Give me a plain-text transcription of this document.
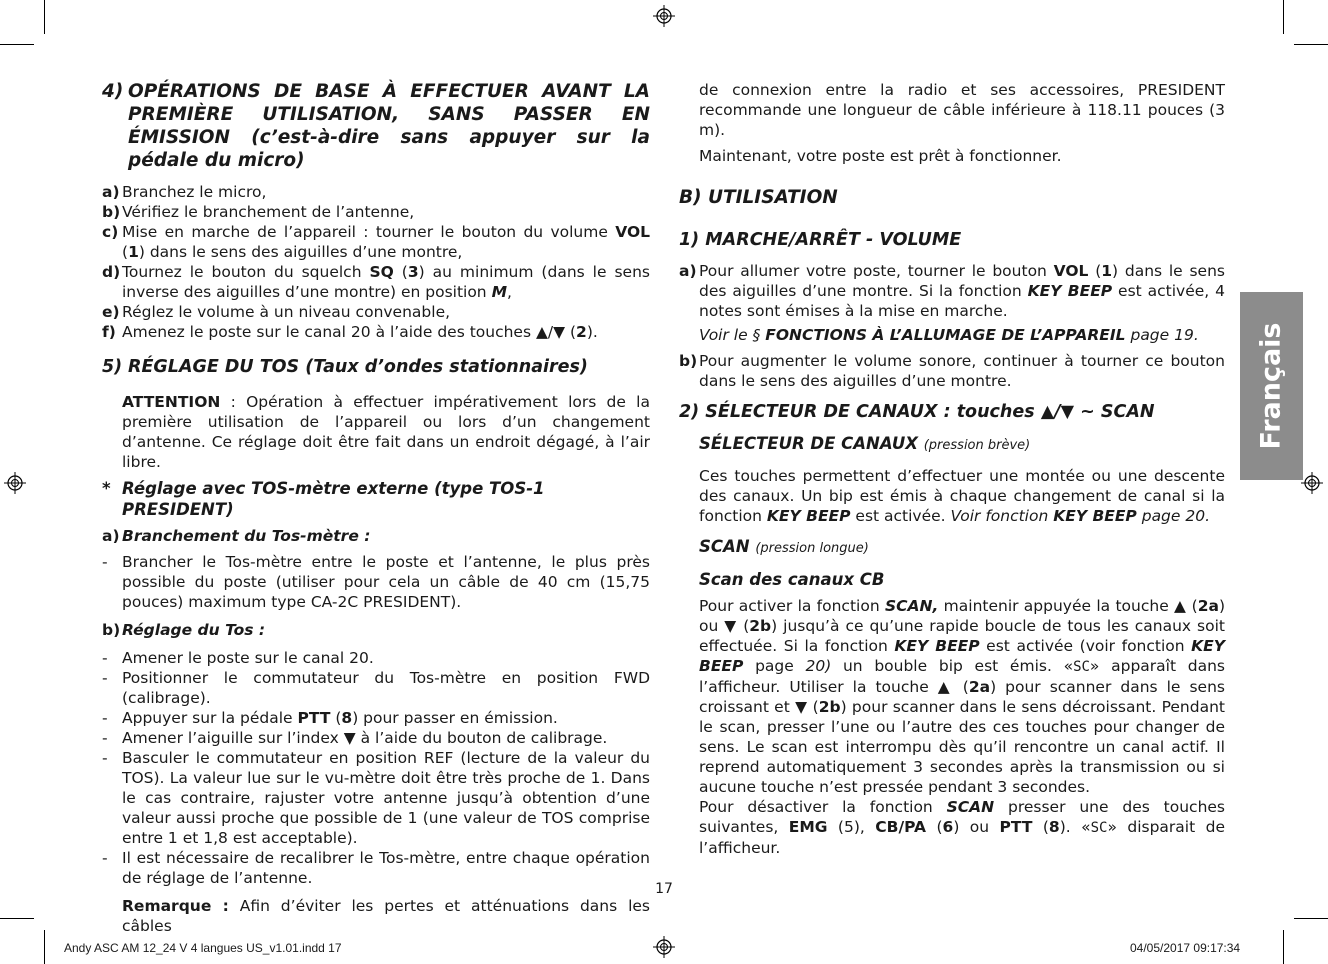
4) OPÉRATIONS DE BASE À EFFECTUER AVANT LA PREMIÈRE UTILISATION, SANS PASSER EN ÉMISSION (c’est-à-dire sans appuyer sur la pédale du micro)
a) Branchez le micro,
b) Vérifiez le branchement de l’antenne,
c) Mise en marche de l’appareil : tourner le bouton du volume VOL (1) dans le sens des aiguilles d’une montre,
d) Tournez le bouton du squelch SQ (3) au minimum (dans le sens inverse des aiguilles d’une montre) en position M,
e) Réglez le volume à un niveau convenable,
f) Amenez le poste sur le canal 20 à l’aide des touches ▲/▼ (2).
5) RÉGLAGE DU TOS (Taux d’ondes stationnaires)
ATTENTION : Opération à effectuer impérativement lors de la première utilisation de l’appareil ou lors d’un changement d’antenne. Ce réglage doit être fait dans un endroit dégagé, à l’air libre.
* Réglage avec TOS-mètre externe (type TOS-1 PRESIDENT)
a) Branchement du Tos-mètre :
- Brancher le Tos-mètre entre le poste et l’antenne, le plus près possible du poste (utiliser pour cela un câble de 40 cm (15,75 pouces) maximum type CA-2C PRESIDENT).
b) Réglage du Tos :
- Amener le poste sur le canal 20.
- Positionner le commutateur du Tos-mètre en position FWD (calibrage).
- Appuyer sur la pédale PTT (8) pour passer en émission.
- Amener l’aiguille sur l’index ▼ à l’aide du bouton de calibrage.
- Basculer le commutateur en position REF (lecture de la valeur du TOS). La valeur lue sur le vu-mètre doit être très proche de 1. Dans le cas contraire, rajuster votre antenne jusqu’à obtention d’une valeur aussi proche que possible de 1 (une valeur de TOS comprise entre 1 et 1,8 est acceptable).
- Il est nécessaire de recalibrer le Tos-mètre, entre chaque opération de réglage de l’antenne.
Remarque : Afin d’éviter les pertes et atténuations dans les câbles
de connexion entre la radio et ses accessoires, PRESIDENT recommande une longueur de câble inférieure à 118.11 pouces (3 m).
Maintenant, votre poste est prêt à fonctionner.
B) UTILISATION
1) MARCHE/ARRÊT - VOLUME
a) Pour allumer votre poste, tourner le bouton VOL (1) dans le sens des aiguilles d’une montre. Si la fonction KEY BEEP est activée, 4 notes sont émises à la mise en marche.
Voir le § FONCTIONS À L’ALLUMAGE DE L’APPAREIL page 19.
b) Pour augmenter le volume sonore, continuer à tourner ce bouton dans le sens des aiguilles d’une montre.
2) SÉLECTEUR DE CANAUX : touches ▲/▼ ~ SCAN
SÉLECTEUR DE CANAUX (pression brève)
Ces touches permettent d’effectuer une montée ou une descente des canaux. Un bip est émis à chaque changement de canal si la fonction KEY BEEP est activée. Voir fonction KEY BEEP page 20.
SCAN (pression longue)
Scan des canaux CB
Pour activer la fonction SCAN, maintenir appuyée la touche ▲ (2a) ou ▼ (2b) jusqu’à ce qu’une rapide boucle de tous les canaux soit effectuée. Si la fonction KEY BEEP est activée (voir fonction KEY BEEP page 20) un bouble bip est émis. «SC» apparaît dans l’afficheur. Utiliser la touche ▲ (2a) pour scanner dans le sens croissant et ▼ (2b) pour scanner dans le sens décroissant. Pendant le scan, presser l’une ou l’autre des ces touches pour changer de sens. Le scan est interrompu dès qu’il rencontre un canal actif. Il reprend automatiquement 3 secondes après la transmission ou si aucune touche n’est pressée pendant 3 secondes.
Pour désactiver la fonction SCAN presser une des touches suivantes, EMG (5), CB/PA (6) ou PTT (8). «SC» disparait de l’afficheur.
Français
17
Andy ASC AM 12_24 V 4 langues US_v1.01.indd 17	04/05/2017 09:17:34
